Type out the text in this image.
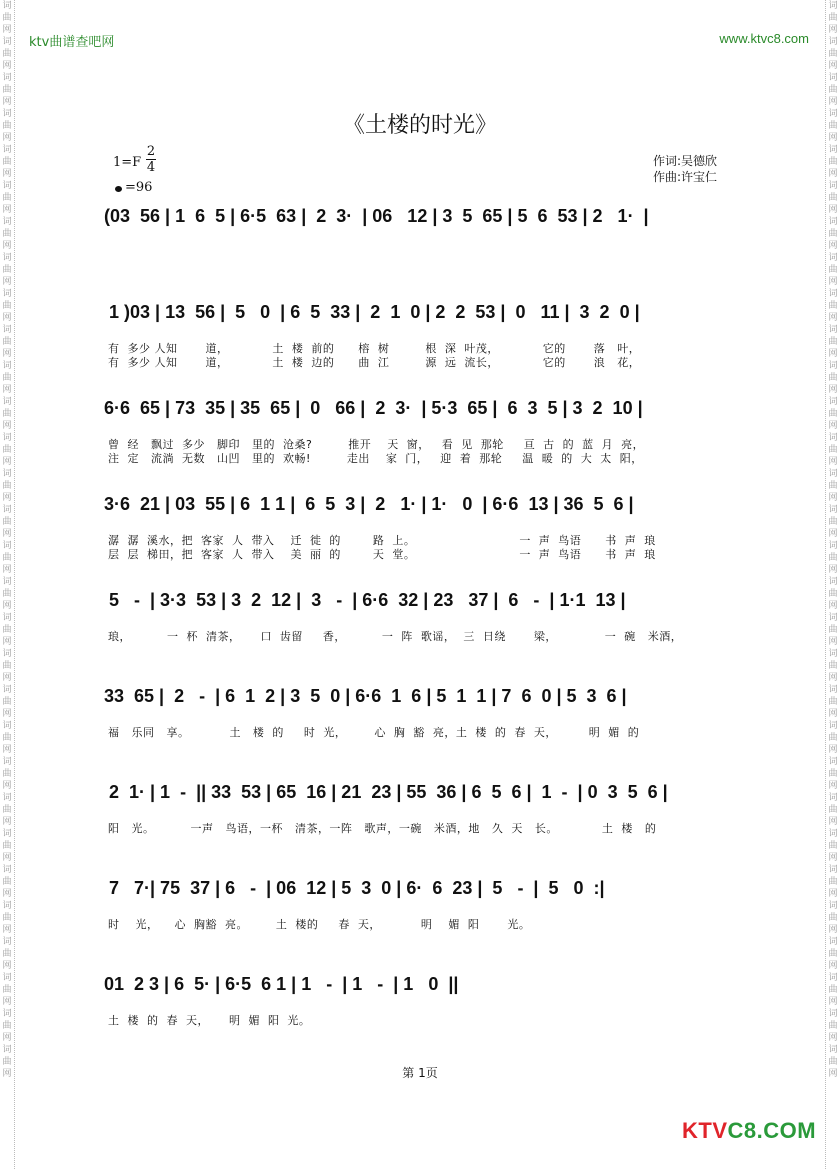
词曲网词曲网词曲网词曲网词曲网词曲网词曲网词曲网词曲网词曲网词曲网词曲网词曲网词曲网词曲网词曲网词曲网词曲网词曲网词曲网词曲网词曲网词曲网词曲网词曲网词曲网词曲网词曲网词曲网词曲网
词曲网词曲网词曲网词曲网词曲网词曲网词曲网词曲网词曲网词曲网词曲网词曲网词曲网词曲网词曲网词曲网词曲网词曲网词曲网词曲网词曲网词曲网词曲网词曲网词曲网词曲网词曲网词曲网词曲网词曲网
ktv曲谱查吧网	www.ktvc8.com
《土楼的时光》
1=F
2
4
=96
作词:吴德欣
作曲:许宝仁
(03  56 | 1  6  5 | 6·5  63 |  2  3·  | 06   12 | 3  5  65 | 5  6  53 | 2   1·  |
1 )03 | 13  56 |  5   0  | 6  5  33 |  2  1  0 | 2  2  53 |  0   11 |  3  2  0 |
有  多少 人知       道，           土  楼  前的      榕  树         根  深  叶茂，           它的       落   叶，
有  多少 人知       道，           土  楼  边的      曲  江         源  远  流长，           它的       浪   花，
6·6  65 | 73  35 | 35  65 |  0   66 |  2  3·  | 5·3  65 |  6  3  5 | 3  2  10 |
曾  经   飘过  多少   脚印   里的  沧桑?         推开    天  窗，   看  见  那轮     亘  古  的  蓝  月  亮，
注  定   流淌  无数   山凹   里的  欢畅!         走出    家  门，   迎  着  那轮     温  暖  的  大  太  阳，
3·6  21 | 03  55 | 6  1 1 |  6  5  3 |  2   1· | 1·   0  | 6·6  13 | 36  5  6 |
潺  潺  溪水，把  客家  人  带入    迁  徙  的        路  上。                          一  声  鸟语      书  声  琅
层  层  梯田，把  客家  人  带入    美  丽  的        天  堂。                          一  声  鸟语      书  声  琅
5   -  | 3·3  53 | 3  2  12 |  3   -  | 6·6  32 | 23   37 |  6   -  | 1·1  13 |
琅，         一  杯  清茶，     口  齿留     香，         一  阵  歌谣，  三  日绕       梁，            一  碗   米酒，
33  65 |  2   -  | 6  1  2 | 3  5  0 | 6·6  1  6 | 5  1  1 | 7  6  0 | 5  3  6 |
福   乐同   享。          土   楼  的     时  光，       心  胸  豁  亮，土  楼  的  春  天，        明  媚  的
2  1· | 1  -  || 33  53 | 65  16 | 21  23 | 55  36 | 6  5  6 |  1  -  | 0  3  5  6 |
阳   光。         一声   鸟语，一杯   清茶，一阵   歌声，一碗   米酒，地   久  天   长。           土  楼   的
7   7·| 75  37 | 6   -  | 06  12 | 5  3  0 | 6·  6  23 |  5   -  |  5   0  :|
时    光，    心  胸豁  亮。       土  楼的     春  天，          明    媚  阳       光。
01  2 3 | 6  5· | 6·5  6 1 | 1   -  | 1   -  | 1   0  ||
土  楼  的  春  天，     明  媚  阳  光。
第 1页
KTVC8.COM
